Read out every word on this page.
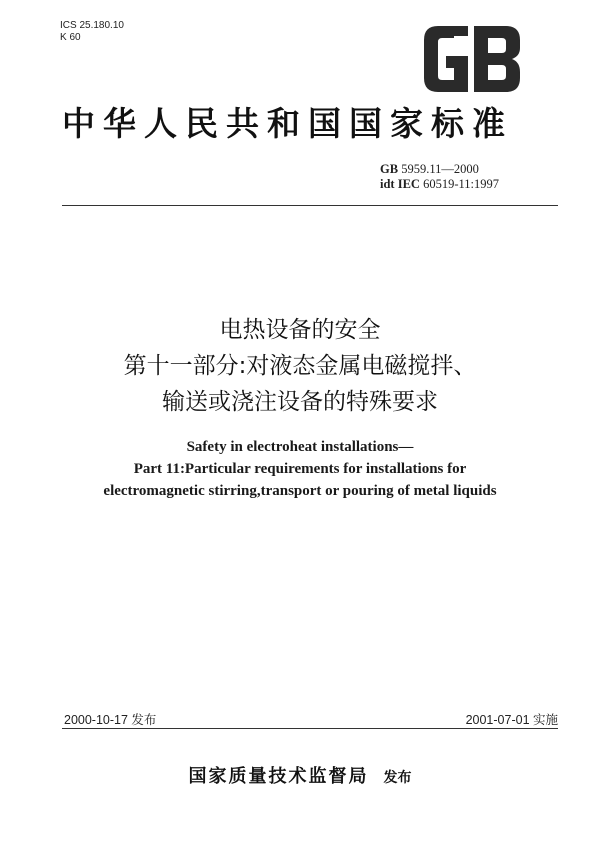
ICS 25.180.10
K 60
GB
中华人民共和国国家标准
GB 5959.11—2000
idt IEC 60519-11:1997
电热设备的安全
第十一部分:对液态金属电磁搅拌、
输送或浇注设备的特殊要求
Safety in electroheat installations—
Part 11:Particular requirements for installations for
electromagnetic stirring,transport or pouring of metal liquids
2000-10-17 发布	2001-07-01 实施
国家质量技术监督局 发布
